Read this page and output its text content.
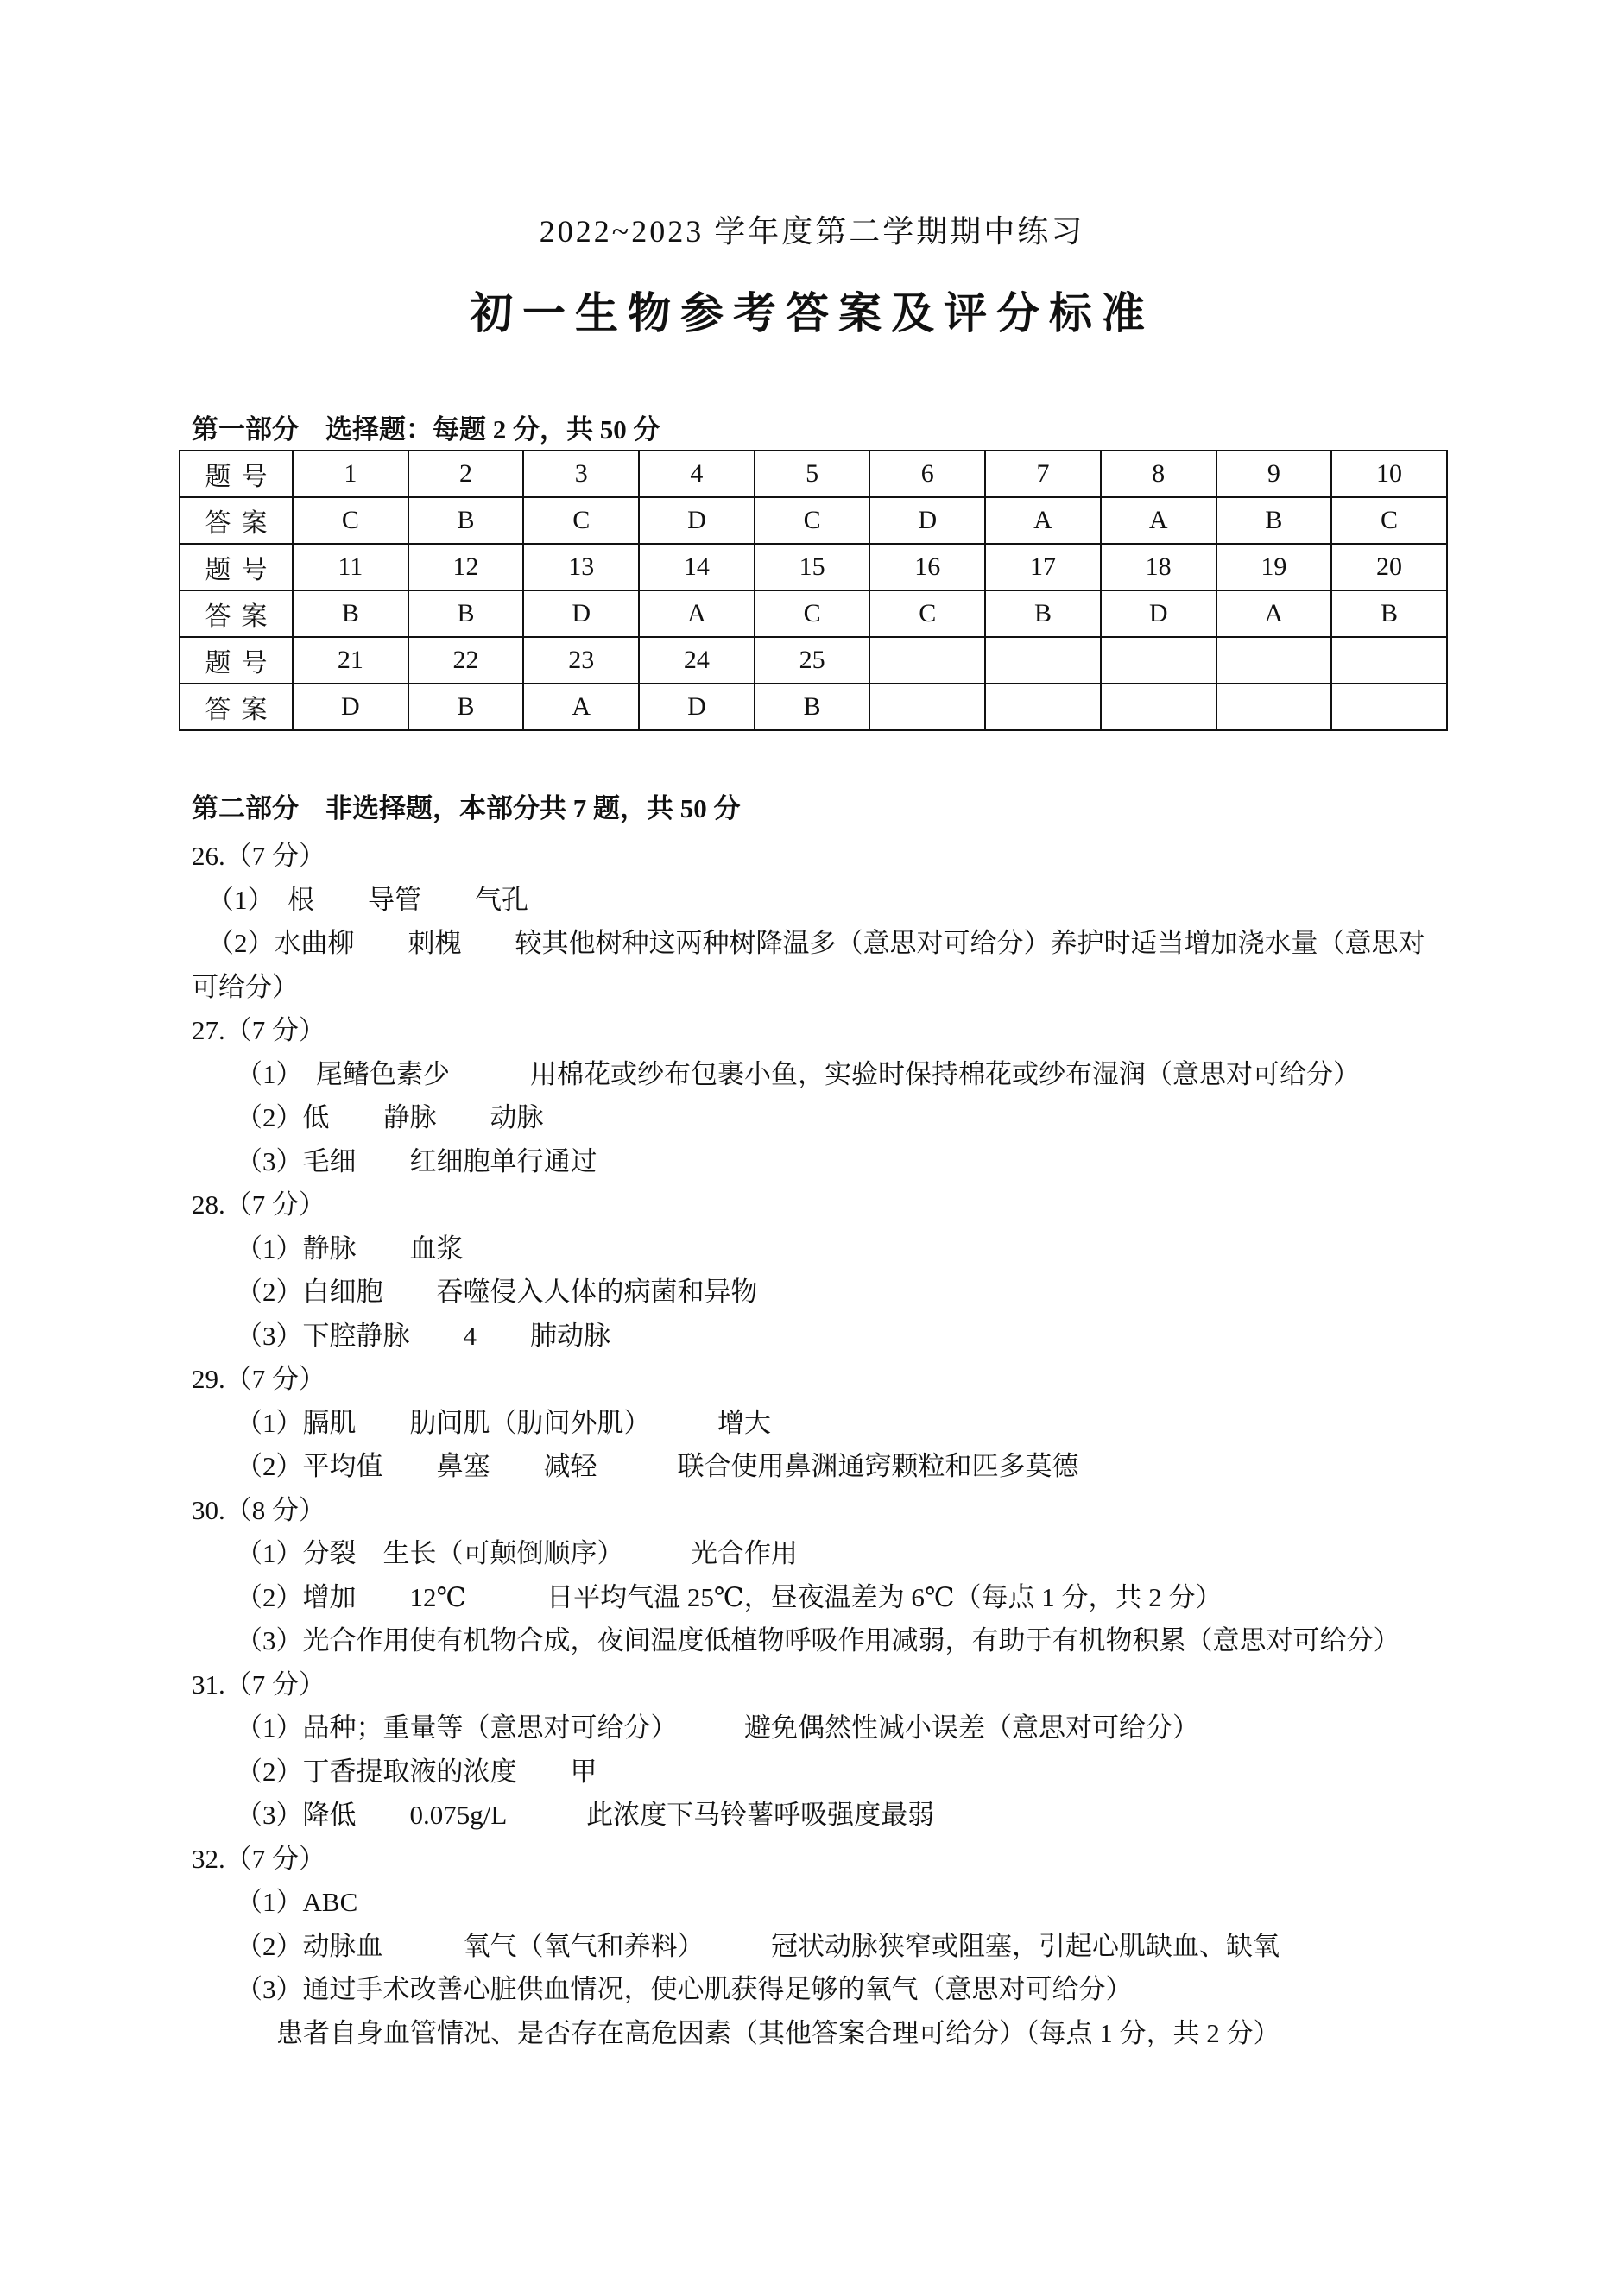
2022~2023 学年度第二学期期中练习
初一生物参考答案及评分标准
第一部分　选择题：每题 2 分，共 50 分
题号	1	2	3	4	5	6	7	8	9	10
答案	C	B	C	D	C	D	A	A	B	C
题号	11	12	13	14	15	16	17	18	19	20
答案	B	B	D	A	C	C	B	D	A	B
题号	21	22	23	24	25					
答案	D	B	A	D	B					
第二部分　非选择题，本部分共 7 题，共 50 分
26.（7 分）
（1）　根　　导管　　气孔
（2）水曲柳　　刺槐　　较其他树种这两种树降温多（意思对可给分）养护时适当增加浇水量（意思对
可给分）
27.（7 分）
（1）　尾鳍色素少　　　用棉花或纱布包裹小鱼，实验时保持棉花或纱布湿润（意思对可给分）
（2）低　　静脉　　动脉
（3）毛细　　红细胞单行通过
28.（7 分）
（1）静脉　　血浆
（2）白细胞　　吞噬侵入人体的病菌和异物
（3）下腔静脉　　4　　肺动脉
29.（7 分）
（1）膈肌　　肋间肌（肋间外肌）　　　增大
（2）平均值　　鼻塞　　减轻　　　联合使用鼻渊通窍颗粒和匹多莫德
30.（8 分）
（1）分裂　生长（可颠倒顺序）　　　光合作用
（2）增加　　12℃　　　日平均气温 25℃，昼夜温差为 6℃（每点 1 分，共 2 分）
（3）光合作用使有机物合成，夜间温度低植物呼吸作用减弱，有助于有机物积累（意思对可给分）
31.（7 分）
（1）品种；重量等（意思对可给分）　　　避免偶然性减小误差（意思对可给分）
（2）丁香提取液的浓度　　甲
（3）降低　　0.075g/L　　　此浓度下马铃薯呼吸强度最弱
32.（7 分）
（1）ABC
（2）动脉血　　　氧气（氧气和养料）　　　冠状动脉狭窄或阻塞，引起心肌缺血、缺氧
（3）通过手术改善心脏供血情况，使心肌获得足够的氧气（意思对可给分）
患者自身血管情况、是否存在高危因素（其他答案合理可给分）（每点 1 分，共 2 分）
